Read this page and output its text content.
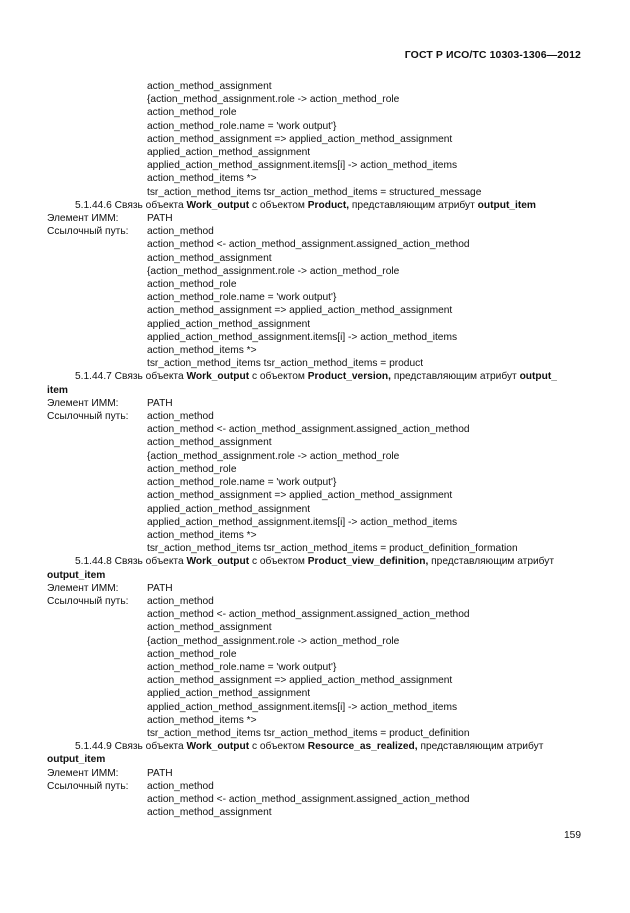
ГОСТ Р ИСО/ТС 10303-1306—2012
action_method_assignment
{action_method_assignment.role -> action_method_role
action_method_role
action_method_role.name = 'work output'}
action_method_assignment => applied_action_method_assignment
applied_action_method_assignment
applied_action_method_assignment.items[i] -> action_method_items
action_method_items *>
tsr_action_method_items tsr_action_method_items = structured_message
5.1.44.6 Связь объекта Work_output с объектом Product, представляющим атрибут output_item
Элемент ИММ:	PATH
Ссылочный путь:	action_method
action_method <- action_method_assignment.assigned_action_method
action_method_assignment
{action_method_assignment.role -> action_method_role
action_method_role
action_method_role.name = 'work output'}
action_method_assignment => applied_action_method_assignment
applied_action_method_assignment
applied_action_method_assignment.items[i] -> action_method_items
action_method_items *>
tsr_action_method_items tsr_action_method_items = product
5.1.44.7 Связь объекта Work_output с объектом Product_version, представляющим атрибут output_
item
Элемент ИММ:	PATH
Ссылочный путь:	action_method
action_method <- action_method_assignment.assigned_action_method
action_method_assignment
{action_method_assignment.role -> action_method_role
action_method_role
action_method_role.name = 'work output'}
action_method_assignment => applied_action_method_assignment
applied_action_method_assignment
applied_action_method_assignment.items[i] -> action_method_items
action_method_items *>
tsr_action_method_items tsr_action_method_items = product_definition_formation
5.1.44.8 Связь объекта Work_output с объектом Product_view_definition, представляющим атрибут
output_item
Элемент ИММ:	PATH
Ссылочный путь:	action_method
action_method <- action_method_assignment.assigned_action_method
action_method_assignment
{action_method_assignment.role -> action_method_role
action_method_role
action_method_role.name = 'work output'}
action_method_assignment => applied_action_method_assignment
applied_action_method_assignment
applied_action_method_assignment.items[i] -> action_method_items
action_method_items *>
tsr_action_method_items tsr_action_method_items = product_definition
5.1.44.9 Связь объекта Work_output с объектом Resource_as_realized, представляющим атрибут
output_item
Элемент ИММ:	PATH
Ссылочный путь:	action_method
action_method <- action_method_assignment.assigned_action_method
action_method_assignment
159
